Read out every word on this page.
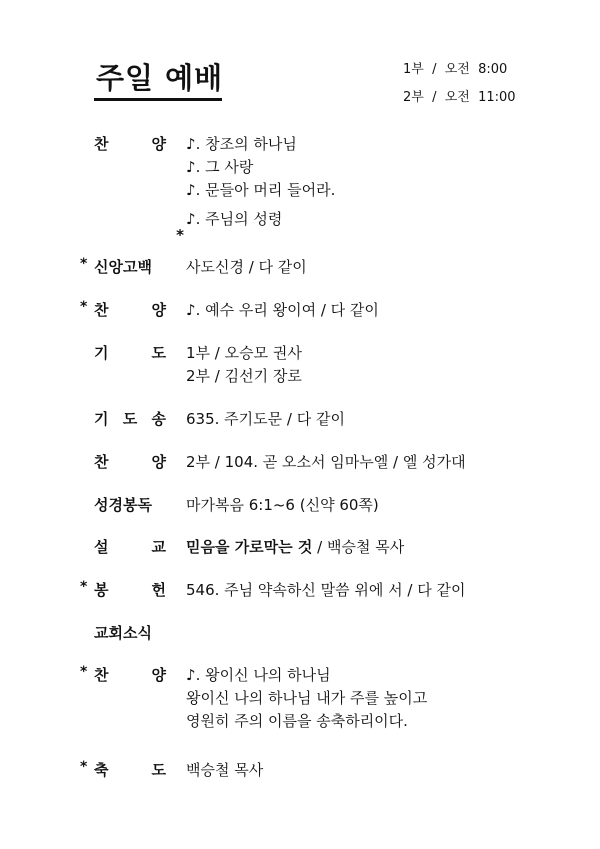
주일 예배	1부  /  오전  8:00
2부  /  오전  11:00
찬	양 ♪. 창조의 하나님
♪. 그 사랑
♪. 문들아 머리 들어라.
*
♪. 주님의 성령
* 신앙고백	사도신경 / 다 같이
* 찬	양 ♪. 예수 우리 왕이여 / 다 같이
기	도 1부 / 오승모 권사
2부 / 김선기 장로
기 도 송 635. 주기도문 / 다 같이
찬	양 2부 / 104. 곧 오소서 임마누엘 / 엘 성가대
성경봉독	마가복음 6:1~6 (신약 60쪽)
설	교 믿음을 가로막는 것 / 백승철 목사
* 봉	헌 546. 주님 약속하신 말씀 위에 서 / 다 같이
교회소식
* 찬	양 ♪. 왕이신 나의 하나님
왕이신 나의 하나님 내가 주를 높이고
영원히 주의 이름을 송축하리이다.
* 축	도 백승철 목사
